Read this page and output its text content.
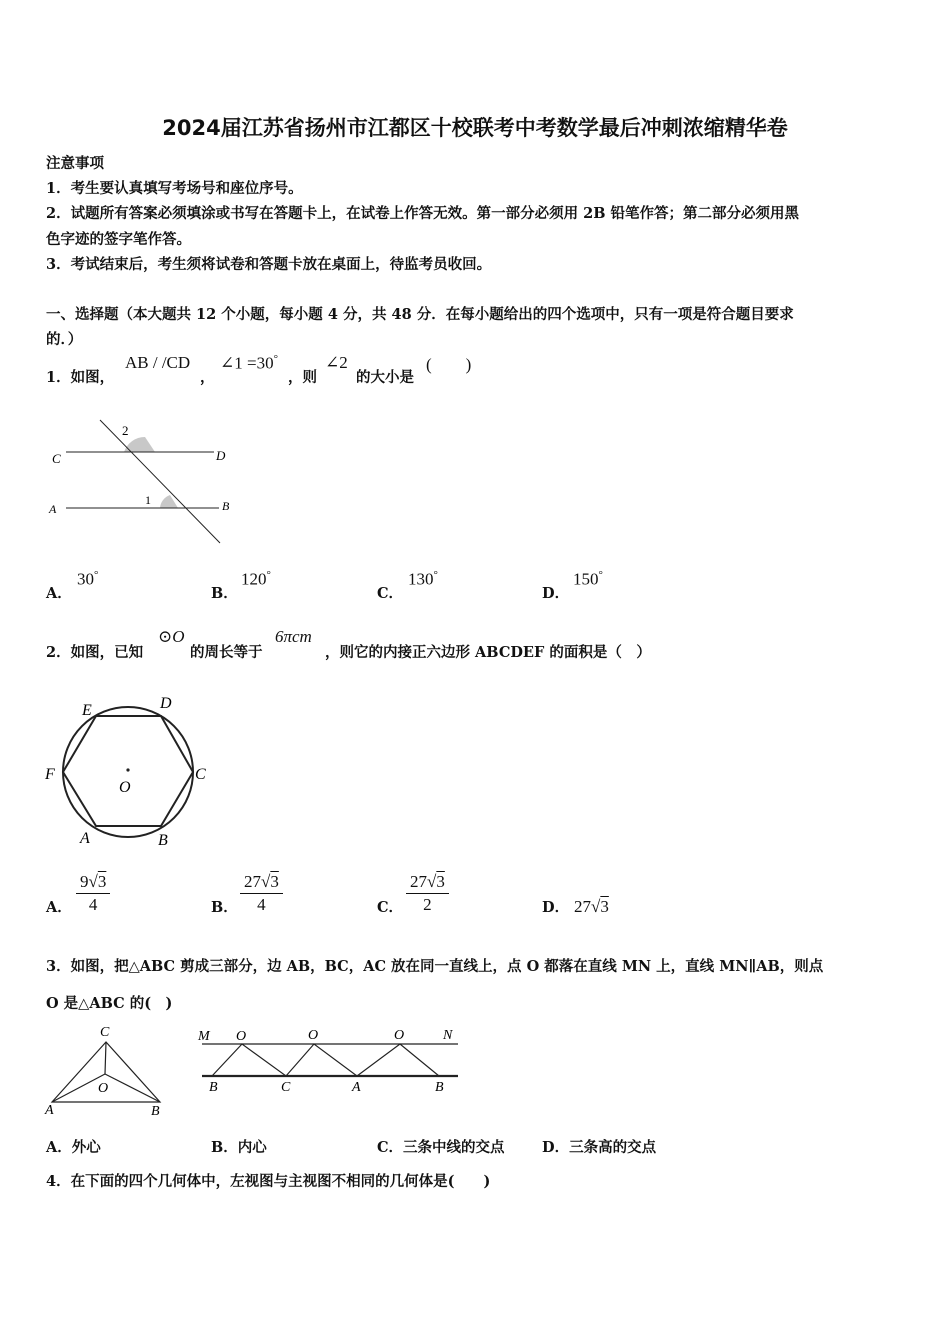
2024届江苏省扬州市江都区十校联考中考数学最后冲刺浓缩精华卷
注意事项
1．考生要认真填写考场号和座位序号。
2．试题所有答案必须填涂或书写在答题卡上，在试卷上作答无效。第一部分必须用 2B 铅笔作答；第二部分必须用黑
色字迹的签字笔作答。
3．考试结束后，考生须将试卷和答题卡放在桌面上，待监考员收回。
一、选择题（本大题共 12 个小题，每小题 4 分，共 48 分．在每小题给出的四个选项中，只有一项是符合题目要求
的．）
1．如图，
AB / /CD
，
∠1 =30°
，则
∠2
的大小是
(　　)
C	D
A	B
1
2
A．
30°
B．
120°
C．
130°
D．
150°
2．如图，已知
⊙O
的周长等于
6πcm
，则它的内接正六边形 ABCDEF 的面积是（　）
E	D
F	C
O
A	B
A． $\frac{9√3}{4}$	B． $\frac{27√3}{4}$	C． $\frac{27√3}{2}$	D． 27√3
3．如图，把△ABC 剪成三部分，边 AB，BC，AC 放在同一直线上，点 O 都落在直线 MN 上，直线 MN∥AB，则点
O 是△ABC 的(　)
C
O
A	B
M O	O	O	N
B	C	A	B
A．外心	B．内心	C．三条中线的交点	D．三条高的交点
4．在下面的四个几何体中，左视图与主视图不相同的几何体是(　　)
